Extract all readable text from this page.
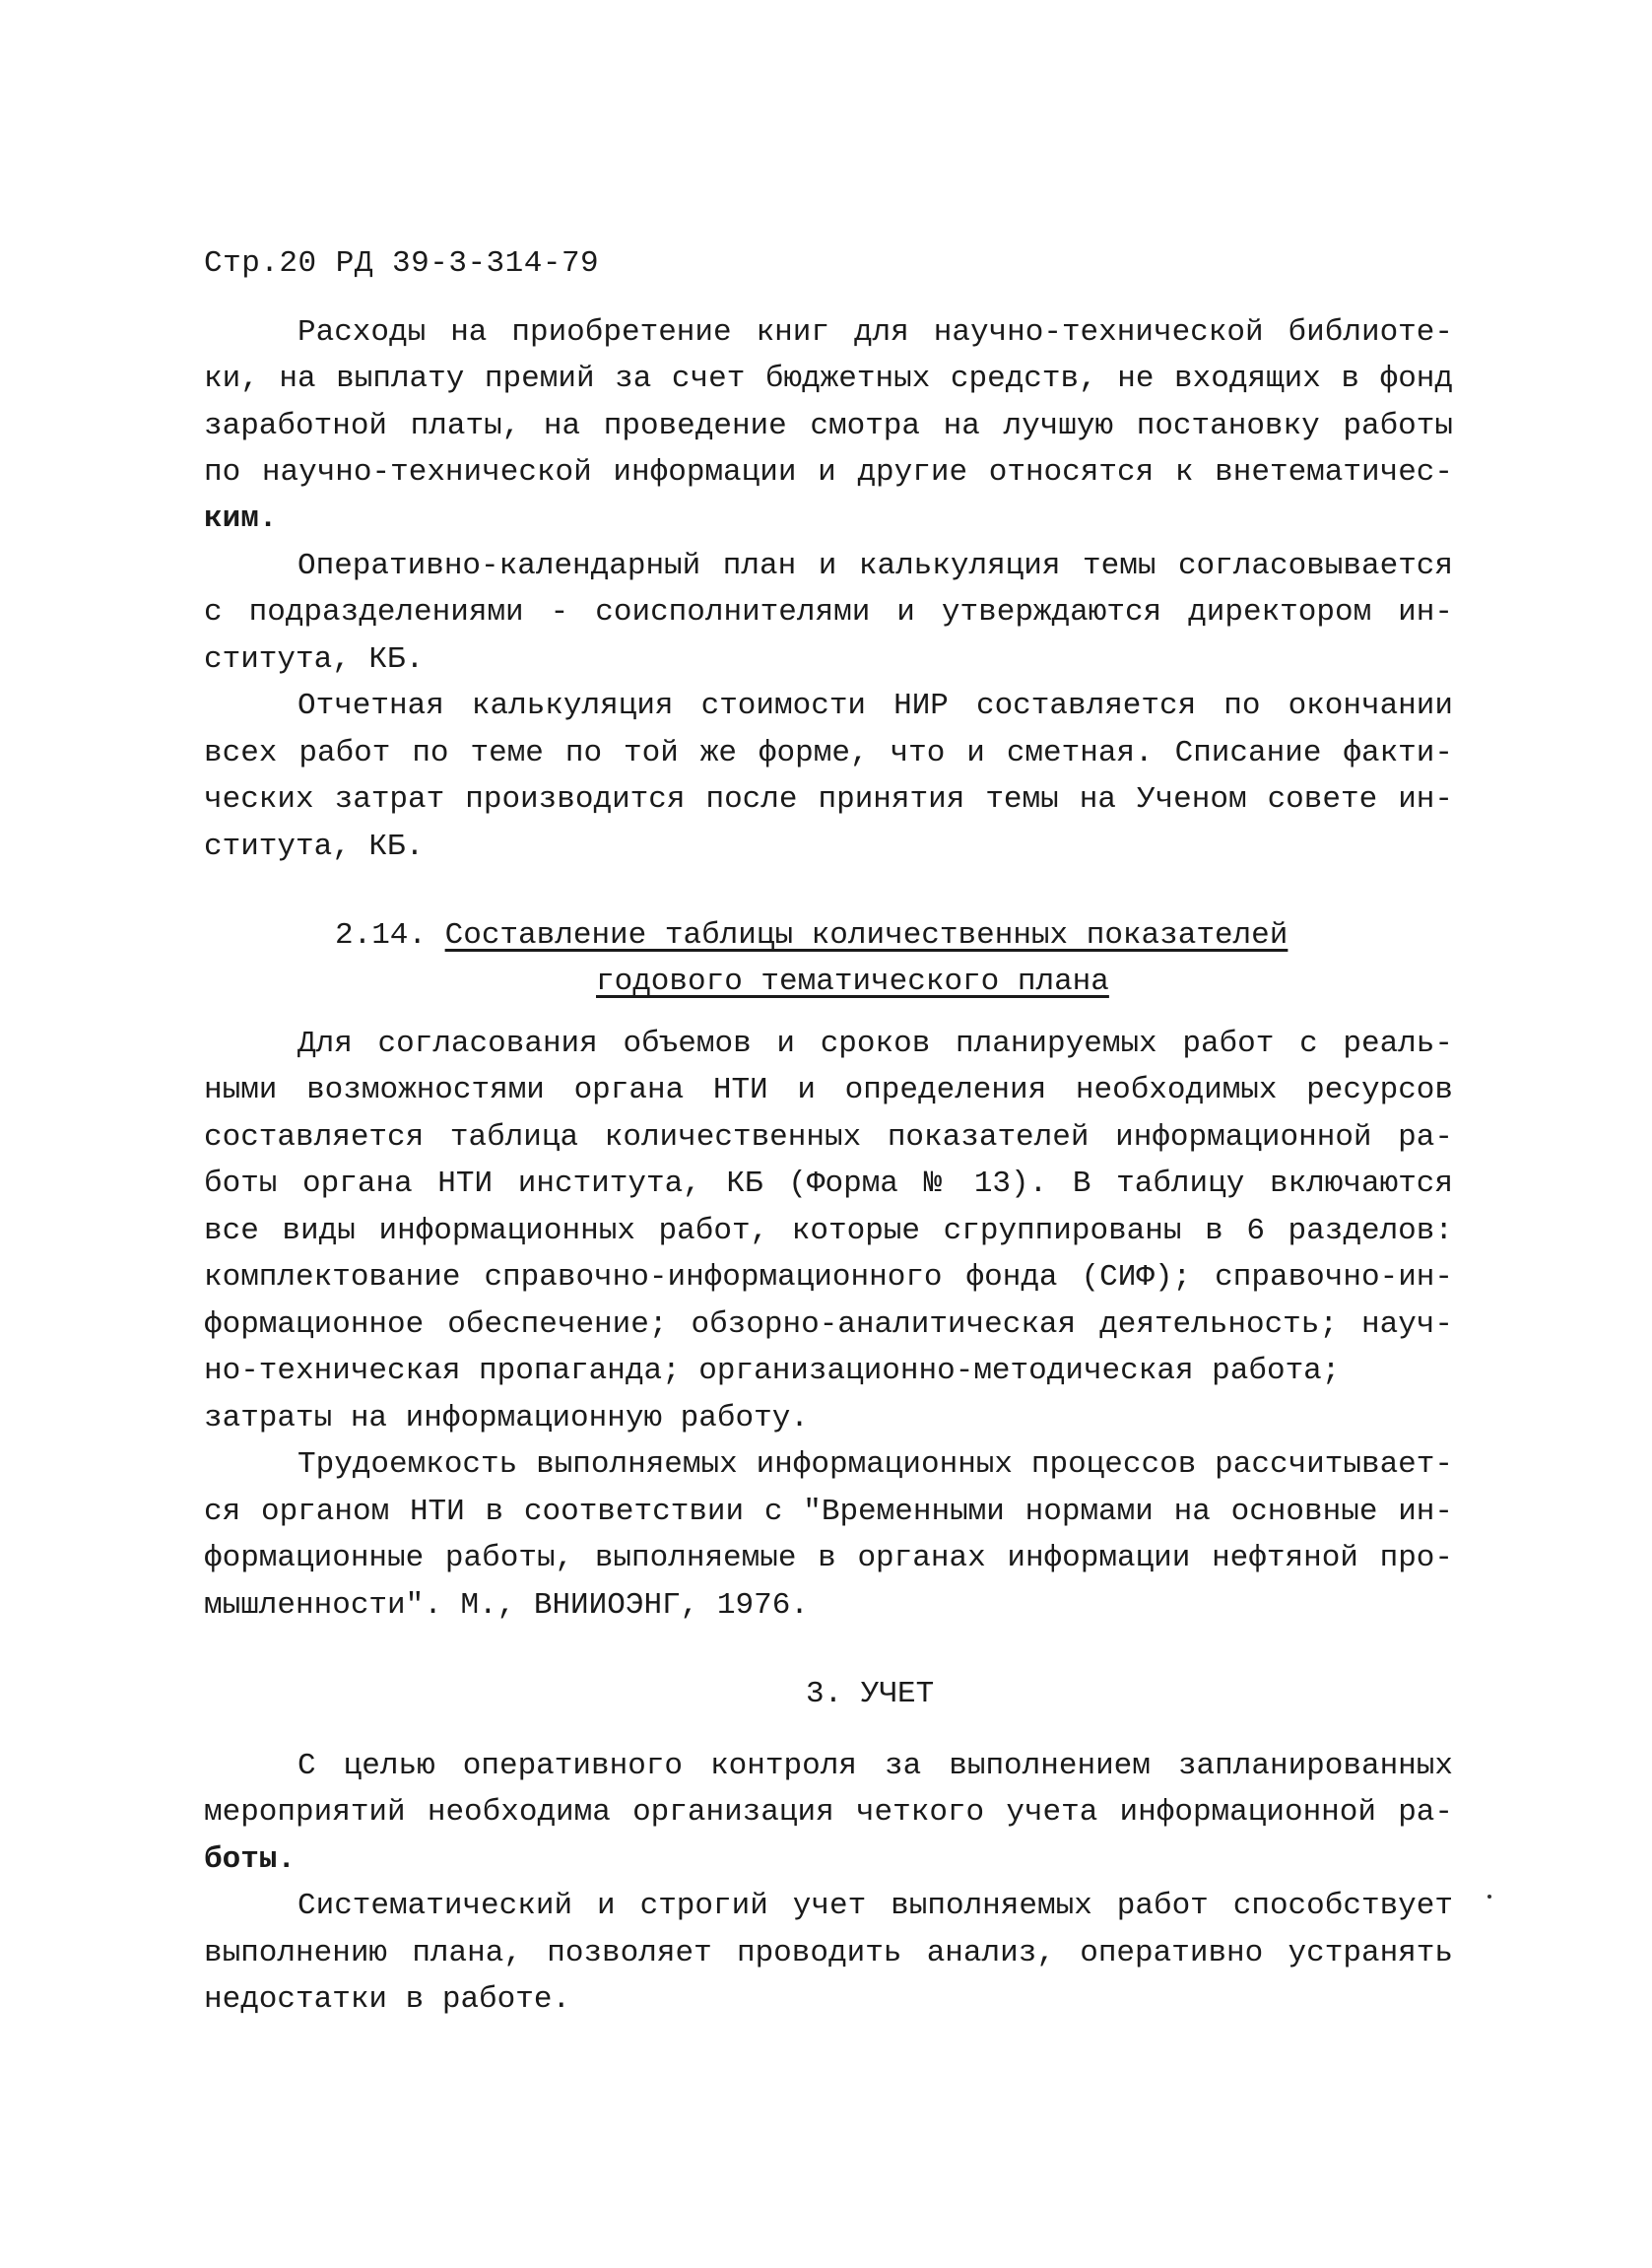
Стр.20 РД 39-3-314-79
Расходы на приобретение книг для научно-технической библиоте-
ки, на выплату премий за счет бюджетных средств, не входящих в фонд
заработной платы, на проведение смотра на лучшую постановку работы
по научно-технической информации и другие относятся к внетематичес-
ким.
Оперативно-календарный план и калькуляция темы согласовывается
с подразделениями - соисполнителями и утверждаются директором ин-
ститута, КБ.
Отчетная калькуляция стоимости НИР составляется по окончании
всех работ по теме по той же форме, что и сметная. Списание факти-
ческих затрат производится после принятия темы на Ученом совете ин-
ститута, КБ.
2.14. Составление таблицы количественных показателей
годового тематического плана
Для согласования объемов и сроков планируемых работ с реаль-
ными возможностями органа НТИ и определения необходимых ресурсов
составляется таблица количественных показателей информационной ра-
боты органа НТИ института, КБ (Форма № 13). В таблицу включаются
все виды информационных работ, которые сгруппированы в 6 разделов:
комплектование справочно-информационного фонда (СИФ); справочно-ин-
формационное обеспечение; обзорно-аналитическая деятельность; науч-
но-техническая пропаганда; организационно-методическая работа;
затраты на информационную работу.
Трудоемкость выполняемых информационных процессов рассчитывает-
ся органом НТИ в соответствии с "Временными нормами на основные ин-
формационные работы, выполняемые в органах информации нефтяной про-
мышленности". М., ВНИИОЭНГ, 1976.
3. УЧЕТ
С целью оперативного контроля за выполнением запланированных
мероприятий необходима организация четкого учета информационной ра-
боты.
Систематический и строгий учет выполняемых работ способствует
выполнению плана, позволяет проводить анализ, оперативно устранять
недостатки в работе.
